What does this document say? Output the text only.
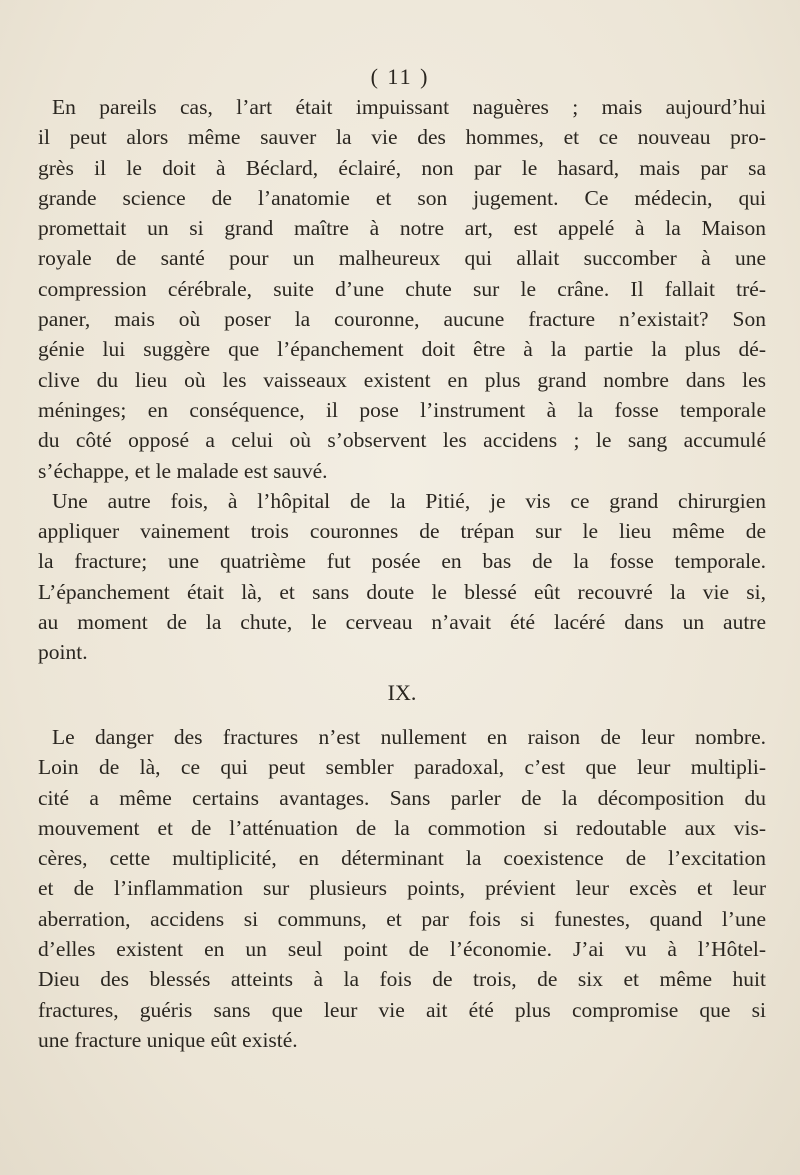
( 11 )
En pareils cas, l’art était impuissant naguères ; mais aujourd’hui
il peut alors même sauver la vie des hommes, et ce nouveau pro-
grès il le doit à Béclard, éclairé, non par le hasard, mais par sa
grande science de l’anatomie et son jugement. Ce médecin, qui
promettait un si grand maître à notre art, est appelé à la Maison
royale de santé pour un malheureux qui allait succomber à une
compression cérébrale, suite d’une chute sur le crâne. Il fallait tré-
paner, mais où poser la couronne, aucune fracture n’existait? Son
génie lui suggère que l’épanchement doit être à la partie la plus dé-
clive du lieu où les vaisseaux existent en plus grand nombre dans les
méninges; en conséquence, il pose l’instrument à la fosse temporale
du côté opposé a celui où s’observent les accidens ; le sang accumulé
s’échappe, et le malade est sauvé.
Une autre fois, à l’hôpital de la Pitié, je vis ce grand chirurgien
appliquer vainement trois couronnes de trépan sur le lieu même de
la fracture; une quatrième fut posée en bas de la fosse temporale.
L’épanchement était là, et sans doute le blessé eût recouvré la vie si,
au moment de la chute, le cerveau n’avait été lacéré dans un autre
point.
IX.
Le danger des fractures n’est nullement en raison de leur nombre.
Loin de là, ce qui peut sembler paradoxal, c’est que leur multipli-
cité a même certains avantages. Sans parler de la décomposition du
mouvement et de l’atténuation de la commotion si redoutable aux vis-
cères, cette multiplicité, en déterminant la coexistence de l’excitation
et de l’inflammation sur plusieurs points, prévient leur excès et leur
aberration, accidens si communs, et par fois si funestes, quand l’une
d’elles existent en un seul point de l’économie. J’ai vu à l’Hôtel-
Dieu des blessés atteints à la fois de trois, de six et même huit
fractures, guéris sans que leur vie ait été plus compromise que si
une fracture unique eût existé.
